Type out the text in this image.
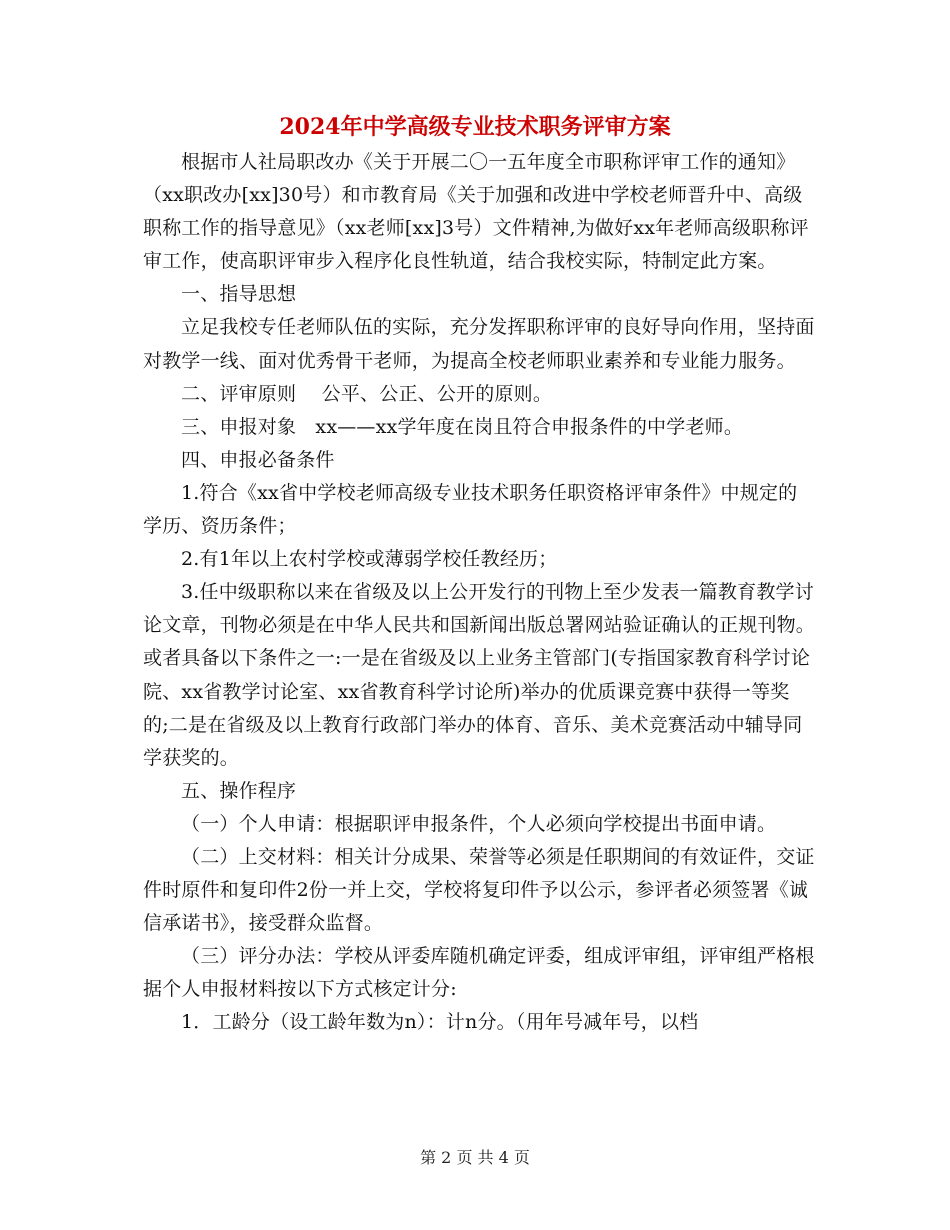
2024年中学高级专业技术职务评审方案

根据市人社局职改办《关于开展二〇一五年度全市职称评审工作的通知》（xx职改办[xx]30号）和市教育局《关于加强和改进中学校老师晋升中、高级职称工作的指导意见》（xx老师[xx]3号）文件精神,为做好xx年老师高级职称评审工作，使高职评审步入程序化良性轨道，结合我校实际，特制定此方案。

一、指导思想

立足我校专任老师队伍的实际，充分发挥职称评审的良好导向作用，坚持面对教学一线、面对优秀骨干老师，为提高全校老师职业素养和专业能力服务。

二、评审原则　 公平、公正、公开的原则。

三、申报对象　xx——xx学年度在岗且符合申报条件的中学老师。

四、申报必备条件

1.符合《xx省中学校老师高级专业技术职务任职资格评审条件》中规定的学历、资历条件；

2.有1年以上农村学校或薄弱学校任教经历；

3.任中级职称以来在省级及以上公开发行的刊物上至少发表一篇教育教学讨论文章，刊物必须是在中华人民共和国新闻出版总署网站验证确认的正规刊物。或者具备以下条件之一:一是在省级及以上业务主管部门(专指国家教育科学讨论院、xx省教学讨论室、xx省教育科学讨论所)举办的优质课竞赛中获得一等奖的;二是在省级及以上教育行政部门举办的体育、音乐、美术竞赛活动中辅导同学获奖的。

五、操作程序

（一）个人申请：根据职评申报条件，个人必须向学校提出书面申请。

（二）上交材料：相关计分成果、荣誉等必须是任职期间的有效证件，交证件时原件和复印件2份一并上交，学校将复印件予以公示，参评者必须签署《诚信承诺书》，接受群众监督。

（三）评分办法：学校从评委库随机确定评委，组成评审组，评审组严格根据个人申报材料按以下方式核定计分:

1．工龄分（设工龄年数为n）：计n分。（用年号减年号，以档

第 2 页 共 4 页
